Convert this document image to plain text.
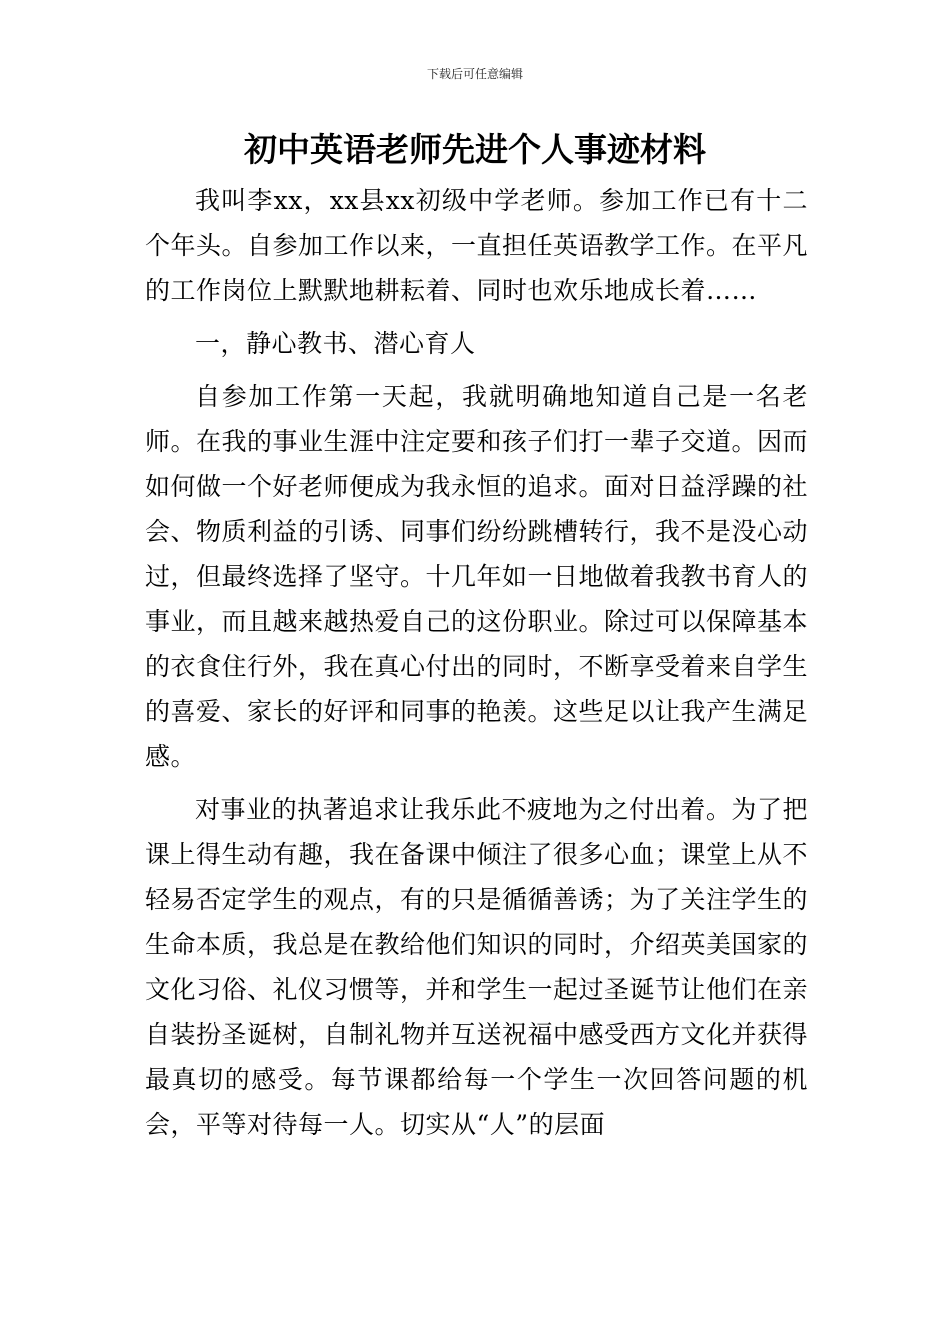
下载后可任意编辑
初中英语老师先进个人事迹材料

我叫李xx，xx县xx初级中学老师。参加工作已有十二个年头。自参加工作以来，一直担任英语教学工作。在平凡的工作岗位上默默地耕耘着、同时也欢乐地成长着……

一，静心教书、潜心育人

自参加工作第一天起，我就明确地知道自己是一名老师。在我的事业生涯中注定要和孩子们打一辈子交道。因而如何做一个好老师便成为我永恒的追求。面对日益浮躁的社会、物质利益的引诱、同事们纷纷跳槽转行，我不是没心动过，但最终选择了坚守。十几年如一日地做着我教书育人的事业，而且越来越热爱自己的这份职业。除过可以保障基本的衣食住行外，我在真心付出的同时，不断享受着来自学生的喜爱、家长的好评和同事的艳羡。这些足以让我产生满足感。

对事业的执著追求让我乐此不疲地为之付出着。为了把课上得生动有趣，我在备课中倾注了很多心血；课堂上从不轻易否定学生的观点，有的只是循循善诱；为了关注学生的生命本质，我总是在教给他们知识的同时，介绍英美国家的文化习俗、礼仪习惯等，并和学生一起过圣诞节让他们在亲自装扮圣诞树，自制礼物并互送祝福中感受西方文化并获得最真切的感受。每节课都给每一个学生一次回答问题的机会，平等对待每一人。切实从“人”的层面
